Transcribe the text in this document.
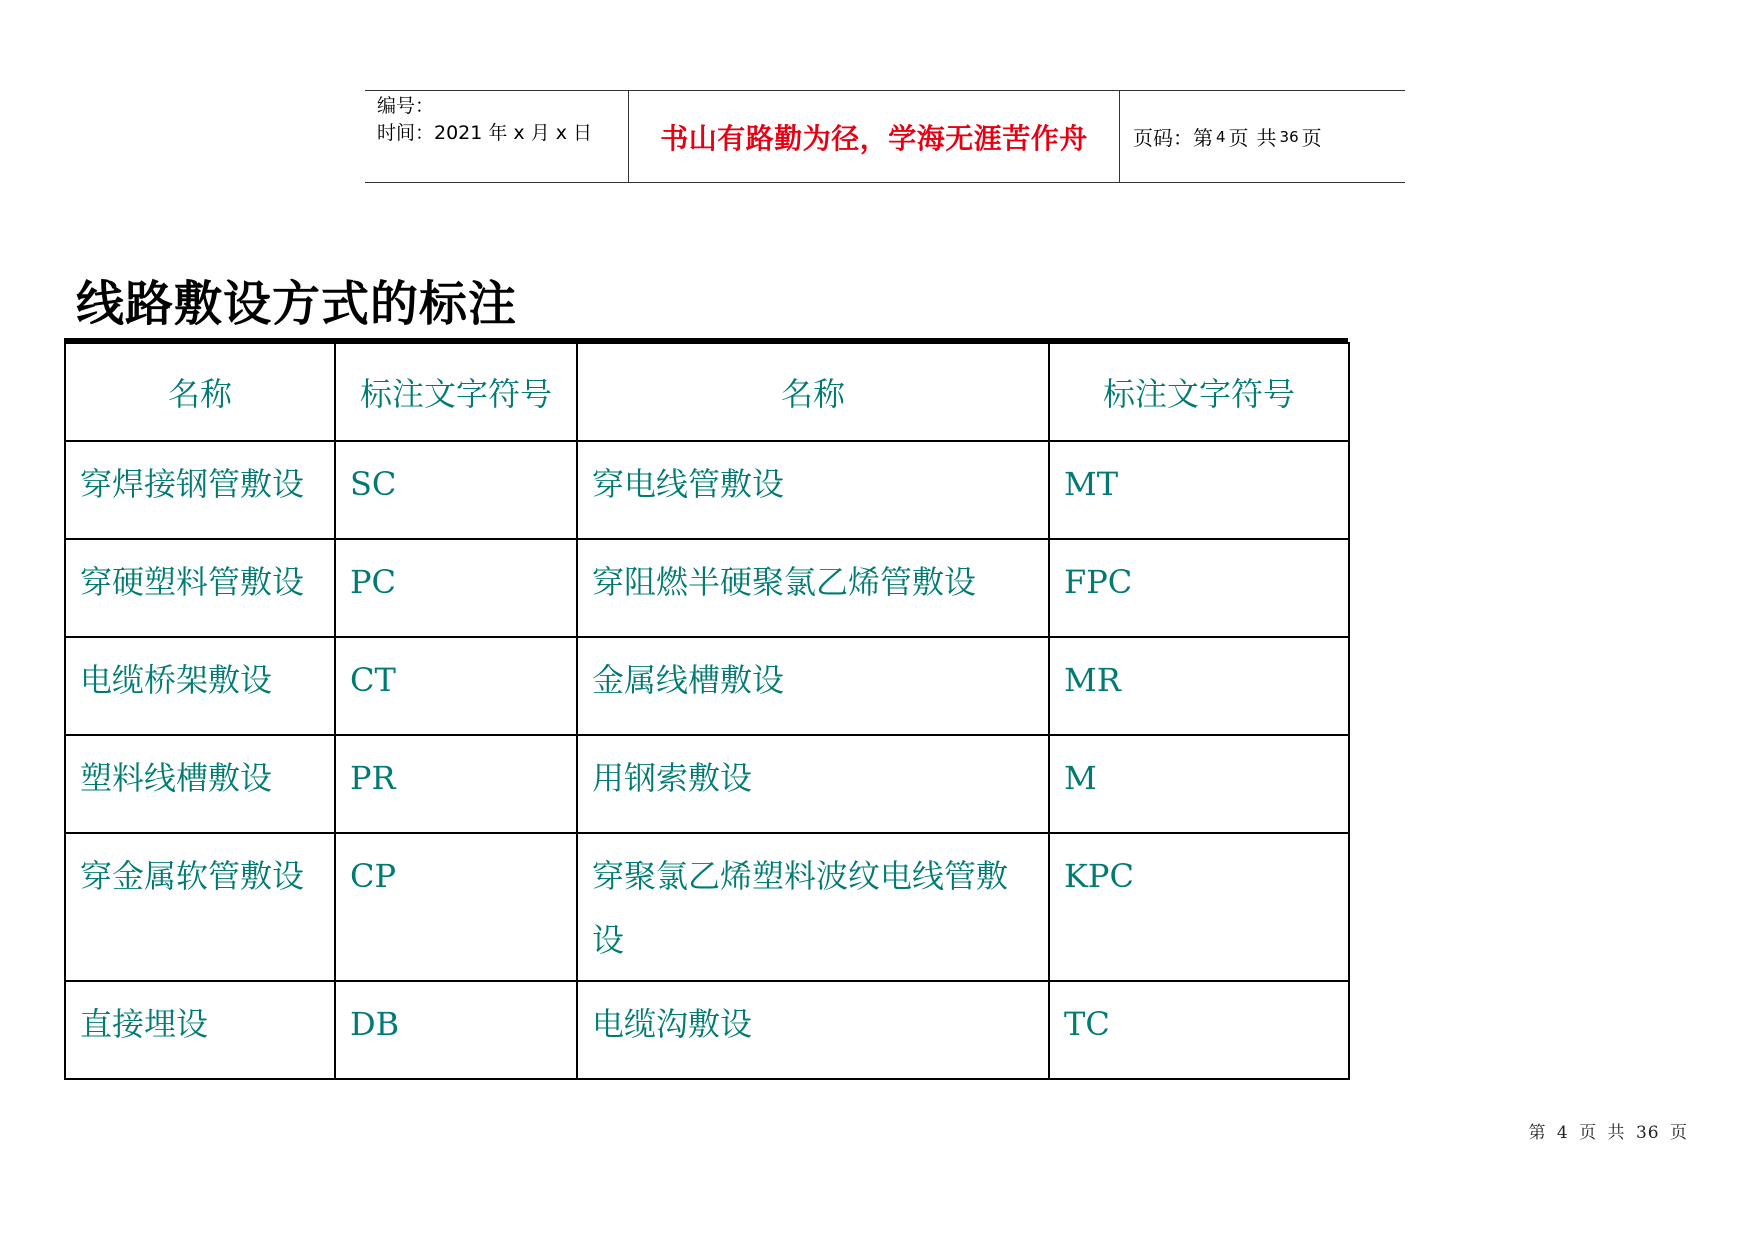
编号：
时间：2021 年 x 月 x 日	书山有路勤为径，学海无涯苦作舟 页码：第 4 页 共 36 页
线路敷设方式的标注
名称	标注文字符号	名称	标注文字符号
穿焊接钢管敷设	SC	穿电线管敷设	MT
穿硬塑料管敷设	PC	穿阻燃半硬聚氯乙烯管敷设	FPC
电缆桥架敷设	CT	金属线槽敷设	MR
塑料线槽敷设	PR	用钢索敷设	M
穿金属软管敷设	CP	穿聚氯乙烯塑料波纹电线管敷设	KPC
直接埋设	DB	电缆沟敷设	TC
第 4 页 共 36 页
